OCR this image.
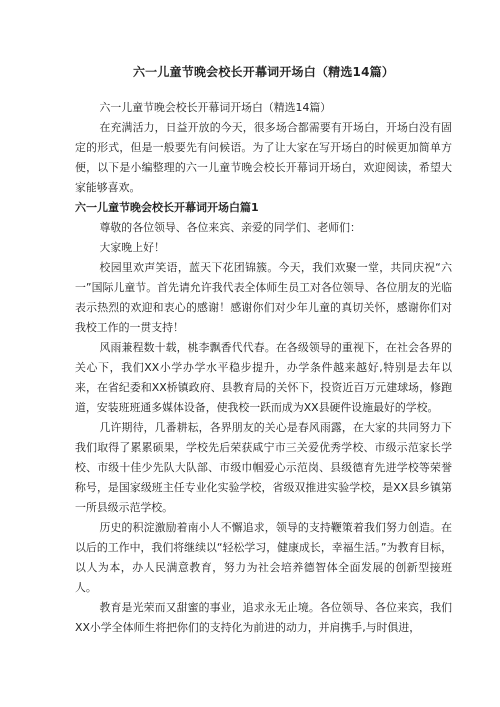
六一儿童节晚会校长开幕词开场白（精选14篇）

六一儿童节晚会校长开幕词开场白（精选14篇）

在充满活力，日益开放的今天，很多场合都需要有开场白，开场白没有固定的形式，但是一般要先有问候语。为了让大家在写开场白的时候更加简单方便，以下是小编整理的六一儿童节晚会校长开幕词开场白，欢迎阅读，希望大家能够喜欢。

六一儿童节晚会校长开幕词开场白篇1

尊敬的各位领导、各位来宾、亲爱的同学们、老师们：

大家晚上好！

校园里欢声笑语，蓝天下花团锦簇。今天，我们欢聚一堂，共同庆祝“六一”国际儿童节。首先请允许我代表全体师生员工对各位领导、各位朋友的光临表示热烈的欢迎和衷心的感谢！感谢你们对少年儿童的真切关怀，感谢你们对我校工作的一贯支持！

风雨兼程数十载，桃李飘香代代春。在各级领导的重视下，在社会各界的关心下，我们XX小学办学水平稳步提升，办学条件越来越好,特别是去年以来，在省纪委和XX桥镇政府、县教育局的关怀下，投资近百万元建球场，修跑道，安装班班通多媒体设备，使我校一跃而成为XX县硬件设施最好的学校。

几许期待，几番耕耘，各界朋友的关心是春风雨露，在大家的共同努力下我们取得了累累硕果，学校先后荣获咸宁市三关爱优秀学校、市级示范家长学校、市级十佳少先队大队部、市级巾帼爱心示范岗、县级德育先进学校等荣誉称号，是国家级班主任专业化实验学校，省级双推进实验学校，是XX县乡镇第一所县级示范学校。

历史的积淀激励着南小人不懈追求，领导的支持鞭策着我们努力创造。在以后的工作中，我们将继续以“轻松学习，健康成长，幸福生活。”为教育目标，以人为本，办人民满意教育，努力为社会培养德智体全面发展的创新型接班人。

教育是光荣而又甜蜜的事业，追求永无止境。各位领导、各位来宾，我们XX小学全体师生将把你们的支持化为前进的动力，并肩携手,与时俱进，
